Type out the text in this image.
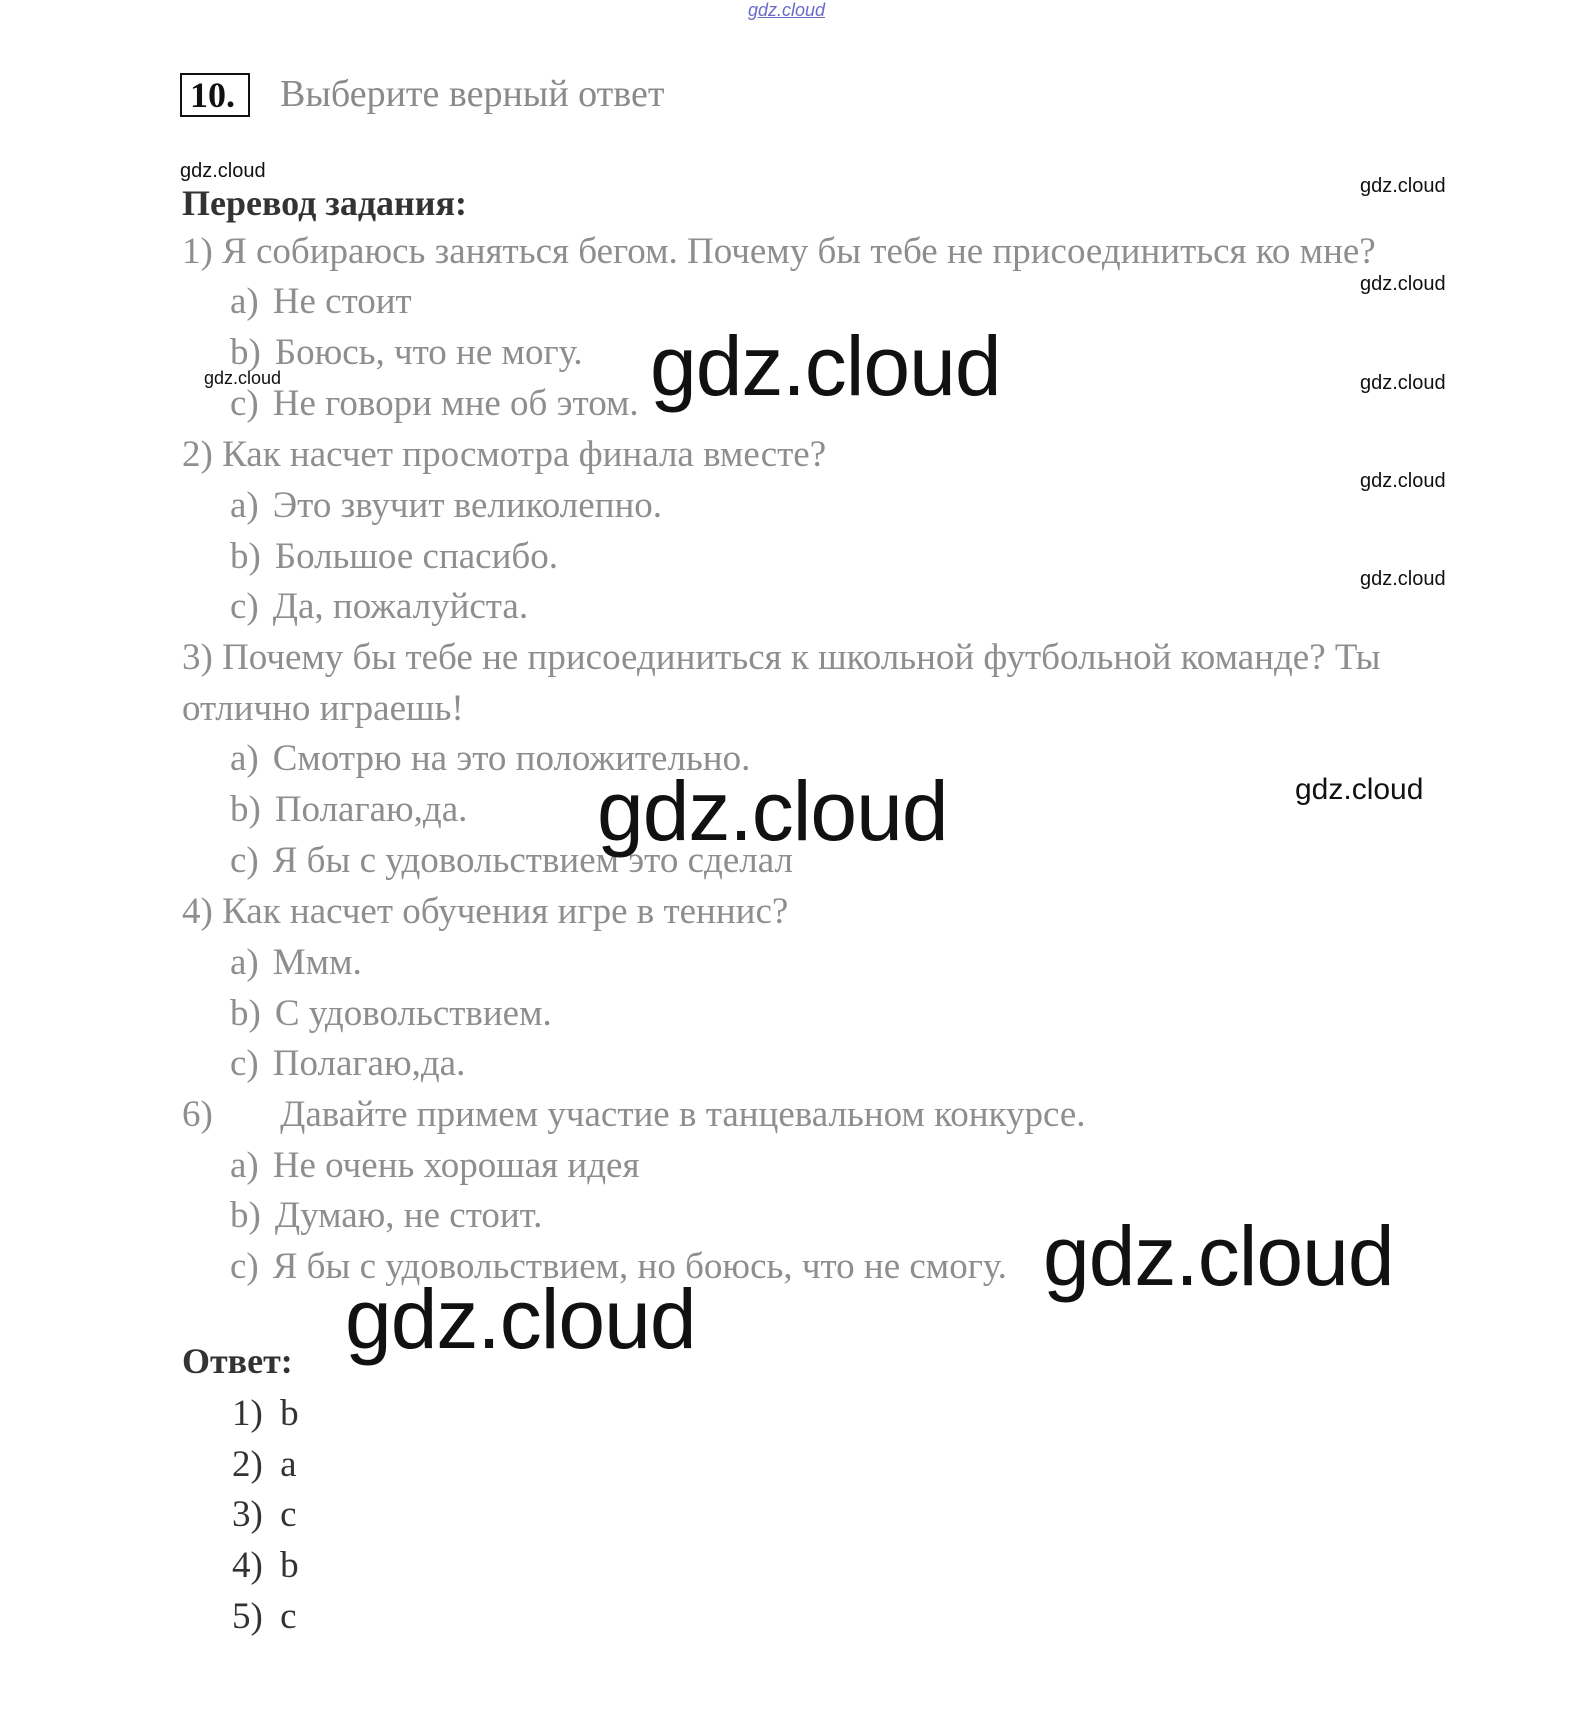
gdz.cloud
10.	Выберите верный ответ
gdz.cloud
Перевод задания:	gdz.cloud
gdz.cloud
gdz.cloud
gdz.cloud
gdz.cloud
1) Я собираюсь заняться бегом. Почему бы тебе не присоединиться ко мне?
a) Не стоит
b) Боюсь, что не могу.
gdz.cloud
c) Не говори мне об этом. gdz.cloud
2) Как насчет просмотра финала вместе?
a) Это звучит великолепно.
b) Большое спасибо.
c) Да, пожалуйста.
3) Почему бы тебе не присоединиться к школьной футбольной команде? Ты
отлично играешь!
a) Смотрю на это положительно.
b) Полагаю,да.
c) Я бы с удовольствием это сделал
gdz.cloud	gdz.cloud
4) Как насчет обучения игре в теннис?
a) Ммм.
b) С удовольствием.
c) Полагаю,да.
6) Давайте примем участие в танцевальном конкурсе.
a) Не очень хорошая идея
b) Думаю, не стоит.
c) Я бы с удовольствием, но боюсь, что не смогу. gdz.cloud
gdz.cloud
Ответ:
1) b
2) a
3) c
4) b
5) c
